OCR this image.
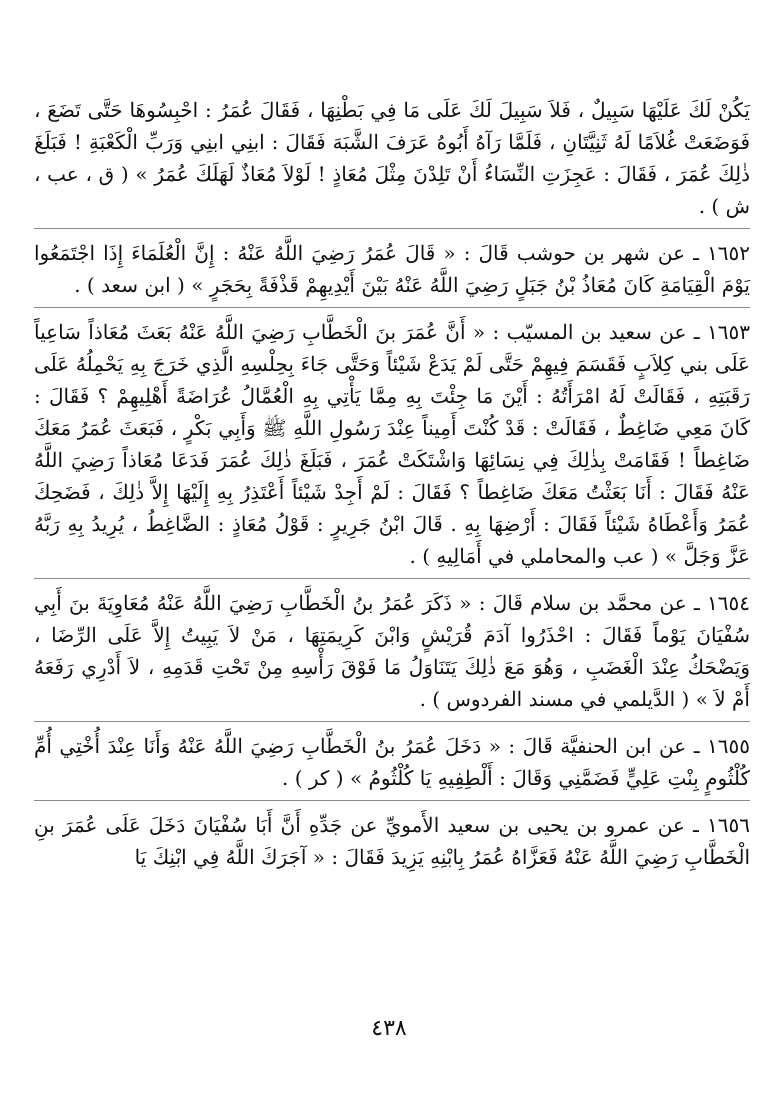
يَكُنْ لَكَ عَلَيْهَا سَبِيلٌ ، فَلاَ سَبِيلَ لَكَ عَلَى مَا فِي بَطْنِهَا ، فَقَالَ عُمَرُ : احْبِسُوهَا حَتَّى تَضَعَ ، فَوَضَعَتْ غُلاَمًا لَهُ ثَنِيَّتَانِ ، فَلَمَّا رَآهُ أَبُوهُ عَرَفَ الشَّبَهَ فَقَالَ : ابنِي ابنِي وَرَبِّ الْكَعْبَةِ ! فَبَلَغَ ذٰلِكَ عُمَرَ ، فَقَالَ : عَجِزَتِ النِّسَاءُ أَنْ تَلِدْنَ مِثْلَ مُعَاذٍ ! لَوْلاَ مُعَاذٌ لَهَلَكَ عُمَرُ » ( ق ، عب ، ش ) .

١٦٥٢ ـ عن شهر بن حوشب قَالَ : « قَالَ عُمَرُ رَضِيَ اللَّهُ عَنْهُ : إِنَّ الْعُلَمَاءَ إِذَا اجْتَمَعُوا يَوْمَ الْقِيَامَةِ كَانَ مُعَاذُ بْنُ جَبَلٍ رَضِيَ اللَّهُ عَنْهُ بَيْنَ أَيْدِيهِمْ قَذْفَةً بِحَجَرٍ » ( ابن سعد ) .

١٦٥٣ ـ عن سعيد بن المسيّب : « أَنَّ عُمَرَ بنَ الْخَطَّابِ رَضِيَ اللَّهُ عَنْهُ بَعَثَ مُعَاذاً سَاعِياً عَلَى بني كِلاَبٍ فَقَسَمَ فِيهِمْ حَتَّى لَمْ يَدَعْ شَيْئاً وَحَتَّى جَاءَ بِحِلْسِهِ الَّذِي خَرَجَ بِهِ يَحْمِلُهُ عَلَى رَقَبَتِهِ ، فَقَالَتْ لَهُ امْرَأَتُهُ : أَيْنَ مَا جِئْتَ بِهِ مِمَّا يَأْتِي بِهِ الْعُمَّالُ عُرَاضَةً أَهْلِيهِمْ ؟ فَقَالَ : كَانَ مَعِي ضَاغِطٌ ، فَقَالَتْ : قَدْ كُنْتَ أَمِيناً عِنْدَ رَسُولِ اللَّهِ ﷺ وَأَبِي بَكْرٍ ، فَبَعَثَ عُمَرُ مَعَكَ ضَاغِطاً ! فَقَامَتْ بِذٰلِكَ فِي نِسَائِهَا وَاشْتَكَتْ عُمَرَ ، فَبَلَغَ ذٰلِكَ عُمَرَ فَدَعَا مُعَاذاً رَضِيَ اللَّهُ عَنْهُ فَقَالَ : أَنَا بَعَثْتُ مَعَكَ ضَاغِطاً ؟ فَقَالَ : لَمْ أَجِدْ شَيْئاً أَعْتَذِرُ بِهِ إِلَيْهَا إِلاَّ ذٰلِكَ ، فَضَحِكَ عُمَرُ وَأَعْطَاهُ شَيْئاً فَقَالَ : أَرْضِهَا بِهِ . قَالَ ابْنُ جَرِيرٍ : قَوْلُ مُعَاذٍ : الضَّاغِطُ ، يُرِيدُ بِهِ رَبَّهُ عَزَّ وَجَلَّ » ( عب والمحاملي في أَمَالِيهِ ) .

١٦٥٤ ـ عن محمَّد بن سلام قَالَ : « ذَكَرَ عُمَرُ بنُ الْخَطَّابِ رَضِيَ اللَّهُ عَنْهُ مُعَاوِيَةَ بنَ أَبِي سُفْيَانَ يَوْماً فَقَالَ : احْذَرُوا آدَمَ قُرَيْشٍ وَابْنَ كَرِيمَتِهَا ، مَنْ لاَ يَبِيتُ إِلاَّ عَلَى الرِّضَا ، وَيَضْحَكُ عِنْدَ الْغَضَبِ ، وَهُوَ مَعَ ذٰلِكَ يَتَنَاوَلُ مَا فَوْقَ رَأْسِهِ مِنْ تَحْتِ قَدَمِهِ ، لاَ أَدْرِي رَفَعَهُ أَمْ لاَ » ( الدَّيلمي في مسند الفردوس ) .

١٦٥٥ ـ عن ابن الحنفيَّة قَالَ : « دَخَلَ عُمَرُ بنُ الْخَطَّابِ رَضِيَ اللَّهُ عَنْهُ وَأَنَا عِنْدَ أُخْتِي أُمِّ كُلْثُومٍ بِنْتِ عَلِيٍّ فَضَمَّنِي وَقَالَ : أَلْطِفِيهِ يَا كُلْثُومُ » ( كر ) .

١٦٥٦ ـ عن عمرو بن يحيى بن سعيد الأَمويِّ عن جَدِّهِ أَنَّ أَبَا سُفْيَانَ دَخَلَ عَلَى عُمَرَ بنِ الْخَطَّابِ رَضِيَ اللَّهُ عَنْهُ فَعَزَّاهُ عُمَرُ بِابْنِهِ يَزِيدَ فَقَالَ : « آجَرَكَ اللَّهُ فِي ابْنِكَ يَا

٤٣٨
